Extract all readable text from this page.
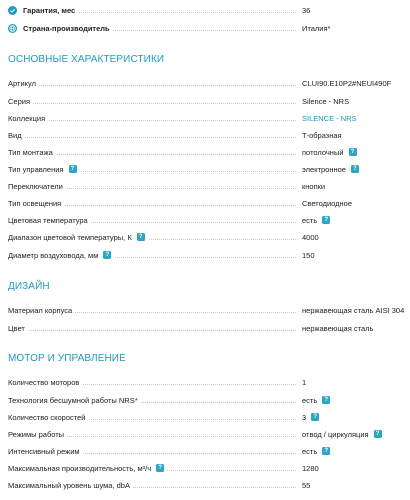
Гарантия, мес	36
Страна-производитель	Италия*
ОСНОВНЫЕ ХАРАКТЕРИСТИКИ
Артикул	CLUI90.E10P2#NEUI490F
Серия	Silence - NRS
Коллекция	SILENCE - NRS
Вид	Т-образная
Тип монтажа	потолочный	?
Тип управления	?	электронное	?
Переключатели	кнопки
Тип освещения	Светодиодное
Цветовая температура	есть	?
Диапазон цветовой температуры, К	?	4000
Диаметр воздуховода, мм	?	150
ДИЗАЙН
Материал корпуса	нержавеющая сталь AISI 304
Цвет	нержавеющая сталь
МОТОР И УПРАВЛЕНИЕ
Количество моторов	1
Технология бесшумной работы NRS*	есть	?
Количество скоростей	3	?
Режимы работы	отвод / циркуляция	?
Интенсивный режим	есть	?
Максимальная производительность, м³/ч	?	1280
Максимальный уровень шума, dbA	55
